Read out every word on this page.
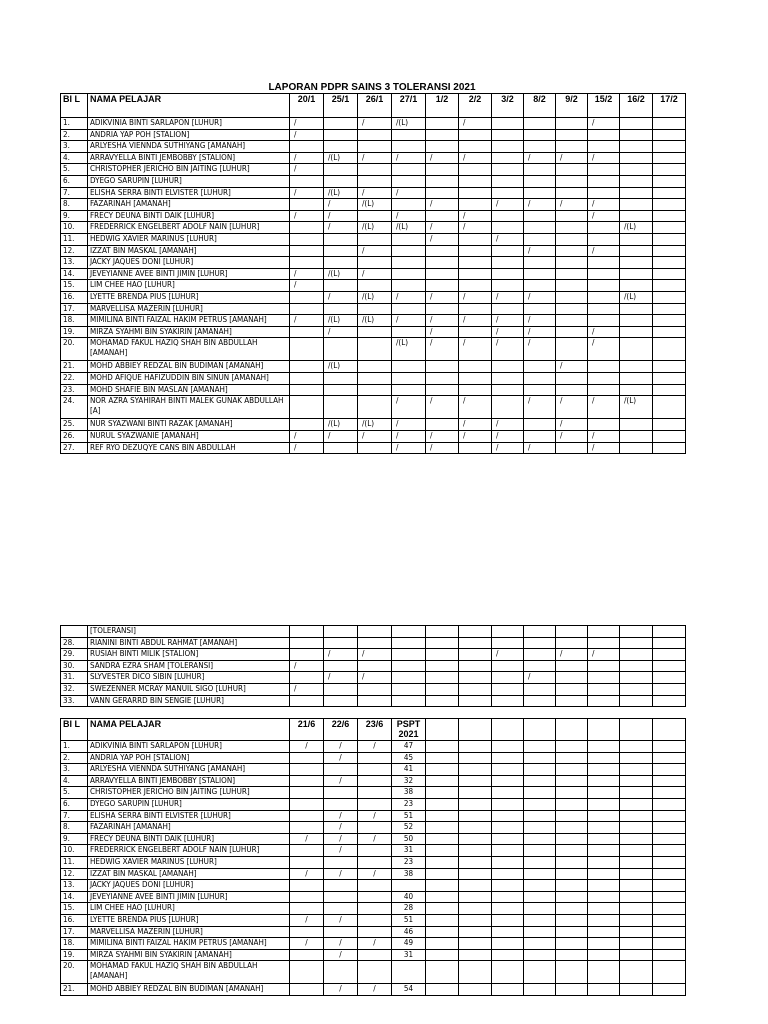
LAPORAN PDPR SAINS 3 TOLERANSI 2021
BI L	NAMA PELAJAR	20/1	25/1	26/1	27/1	1/2	2/2	3/2	8/2	9/2	15/2	16/2	17/2
1.	ADIKVINIA BINTI SARLAPON [LUHUR]	/		/	/(L)		/				/		
2.	ANDRIA YAP POH [STALION]	/											
3.	ARLYESHA VIENNDA SUTHIYANG [AMANAH]												
4.	ARRAVYELLA BINTI JEMBOBBY [STALION]	/	/(L)	/	/	/	/		/	/	/		
5.	CHRISTOPHER JERICHO BIN JAITING [LUHUR]	/											
6.	DYEGO SARUPIN [LUHUR]												
7.	ELISHA SERRA BINTI ELVISTER [LUHUR]	/	/(L)	/	/								
8.	FAZARINAH [AMANAH]		/	/(L)		/		/	/	/	/		
9.	FRECY DEUNA BINTI DAIK [LUHUR]	/	/		/		/				/		
10.	FREDERRICK ENGELBERT ADOLF NAIN [LUHUR]		/	/(L)	/(L)	/	/					/(L)	
11.	HEDWIG XAVIER MARINUS [LUHUR]					/		/					
12.	IZZAT BIN MASKAL [AMANAH]			/					/		/		
13.	JACKY JAQUES DONI [LUHUR]												
14.	JEVEYIANNE AVEE BINTI JIMIN [LUHUR]	/	/(L)	/									
15.	LIM CHEE HAO [LUHUR]	/											
16.	LYETTE BRENDA PIUS [LUHUR]		/	/(L)	/	/	/	/	/			/(L)	
17.	MARVELLISA MAZERIN [LUHUR]												
18.	MIMILINA BINTI FAIZAL HAKIM PETRUS [AMANAH]	/	/(L)	/(L)	/	/	/	/	/				
19.	MIRZA SYAHMI BIN SYAKIRIN [AMANAH]		/			/		/	/		/		
20.	MOHAMAD FAKUL HAZIQ SHAH BIN ABDULLAH [AMANAH]				/(L)	/	/	/	/		/		
21.	MOHD ABBIEY REDZAL BIN BUDIMAN [AMANAH]		/(L)							/			
22.	MOHD AFIQUE HAFIZUDDIN BIN SINUN [AMANAH]												
23.	MOHD SHAFIE BIN MASLAN [AMANAH]												
24.	NOR AZRA SYAHIRAH BINTI MALEK GUNAK ABDULLAH [A]				/	/	/		/	/	/	/(L)	
25.	NUR SYAZWANI BINTI RAZAK [AMANAH]		/(L)	/(L)	/		/	/		/			
26.	NURUL SYAZWANIE [AMANAH]	/	/	/	/	/	/	/		/	/		
27.	REF RYO DEZUQYE CANS BIN ABDULLAH	/			/	/		/	/		/		
	[TOLERANSI]												
28.	RIANINI BINTI ABDUL RAHMAT [AMANAH]												
29.	RUSIAH BINTI MILIK [STALION]		/	/				/		/	/		
30.	SANDRA EZRA SHAM [TOLERANSI]	/											
31.	SLYVESTER DICO SIBIN [LUHUR]		/	/					/				
32.	SWEZENNER MCRAY MANUIL SIGO [LUHUR]	/											
33.	VANN GERARRD BIN SENGIE [LUHUR]												
BI L	NAMA PELAJAR	21/6	22/6	23/6	PSPT 2021								
1.	ADIKVINIA BINTI SARLAPON [LUHUR]	/	/	/	47								
2.	ANDRIA YAP POH [STALION]		/		45								
3.	ARLYESHA VIENNDA SUTHIYANG [AMANAH]				41								
4.	ARRAVYELLA BINTI JEMBOBBY [STALION]		/		32								
5.	CHRISTOPHER JERICHO BIN JAITING [LUHUR]				38								
6.	DYEGO SARUPIN [LUHUR]				23								
7.	ELISHA SERRA BINTI ELVISTER [LUHUR]		/	/	51								
8.	FAZARINAH [AMANAH]		/		52								
9.	FRECY DEUNA BINTI DAIK [LUHUR]	/	/	/	50								
10.	FREDERRICK ENGELBERT ADOLF NAIN [LUHUR]		/		31								
11.	HEDWIG XAVIER MARINUS [LUHUR]				23								
12.	IZZAT BIN MASKAL [AMANAH]	/	/	/	38								
13.	JACKY JAQUES DONI [LUHUR]												
14.	JEVEYIANNE AVEE BINTI JIMIN [LUHUR]				40								
15.	LIM CHEE HAO [LUHUR]				28								
16.	LYETTE BRENDA PIUS [LUHUR]	/	/		51								
17.	MARVELLISA MAZERIN [LUHUR]				46								
18.	MIMILINA BINTI FAIZAL HAKIM PETRUS [AMANAH]	/	/	/	49								
19.	MIRZA SYAHMI BIN SYAKIRIN [AMANAH]		/		31								
20.	MOHAMAD FAKUL HAZIQ SHAH BIN ABDULLAH [AMANAH]												
21.	MOHD ABBIEY REDZAL BIN BUDIMAN [AMANAH]		/	/	54								
